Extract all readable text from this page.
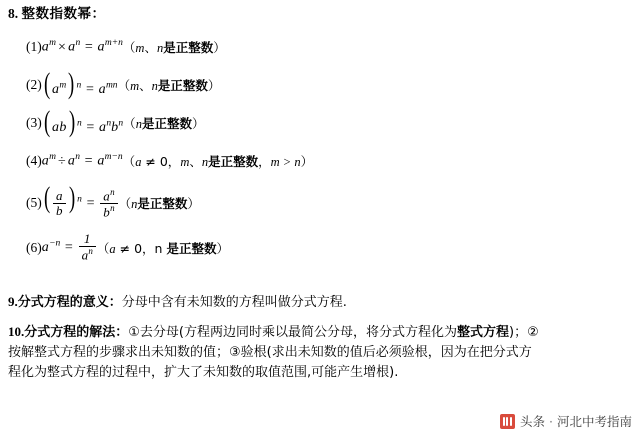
8. 整数指数幂：
(1) $a^m \times a^n = a^{m+n}$ （m、n是正整数）
(2) ( $a^m$) $^n = a^{mn}$ （m、n是正整数）
(3) ( ab) $^n = a^nb^n$ （n是正整数）
(4) $a^m \div a^n = a^{m-n}$ （a ≠ 0，m、n是正整数，m > n）
(5) ( $\frac{a}{b}$ ) $^n = \frac{a^n}{b^n} (n$是正整数）
(6) $a^{-n} = \frac{1}{a^n} (a \ne 0$，n 是正整数）
9.分式方程的意义：分母中含有未知数的方程叫做分式方程.
10.分式方程的解法：①去分母(方程两边同时乘以最简公分母，将分式方程化为整式方程)；②
按解整式方程的步骤求出未知数的值；③验根(求出未知数的值后必须验根，因为在把分式方
程化为整式方程的过程中，扩大了未知数的取值范围,可能产生增根).
头条 · 河北中考指南
